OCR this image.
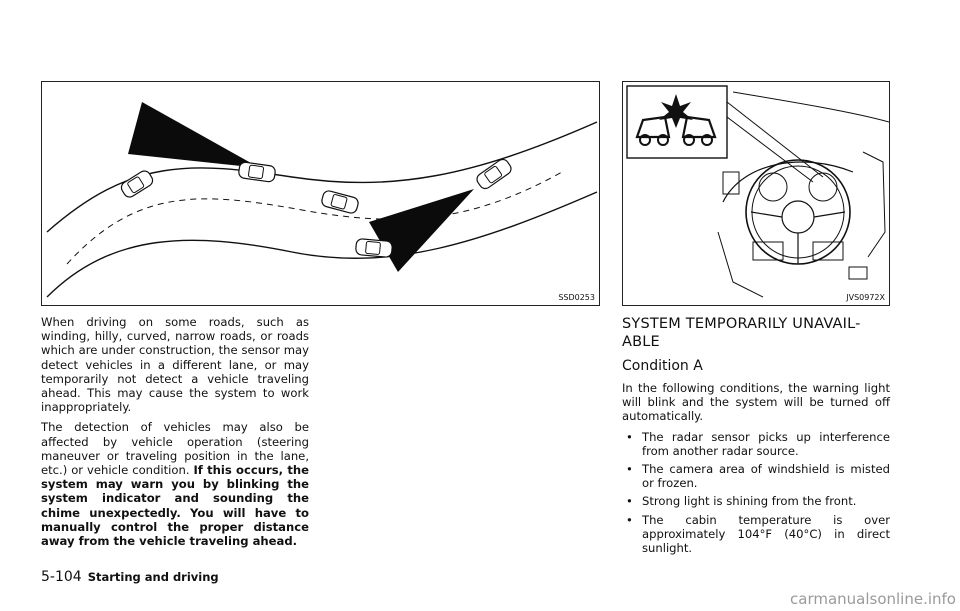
SSD0253	JVS0972X

When driving on some roads, such as winding, hilly, curved, narrow roads, or roads which are under construction, the sensor may detect vehicles in a different lane, or may temporarily not detect a vehicle traveling ahead. This may cause the system to work inappropriately.

The detection of vehicles may also be affected by vehicle operation (steering maneuver or traveling position in the lane, etc.) or vehicle condition. If this occurs, the system may warn you by blinking the system indicator and sounding the chime unexpectedly. You will have to manually control the proper distance away from the vehicle traveling ahead.

SYSTEM TEMPORARILY UNAVAIL-ABLE
Condition A

In the following conditions, the warning light will blink and the system will be turned off automatically.

• The radar sensor picks up interference from another radar source.
• The camera area of windshield is misted or frozen.
• Strong light is shining from the front.
• The cabin temperature is over approximately 104°F (40°C) in direct sunlight.
5-104 Starting and driving
carmanualsonline.info
